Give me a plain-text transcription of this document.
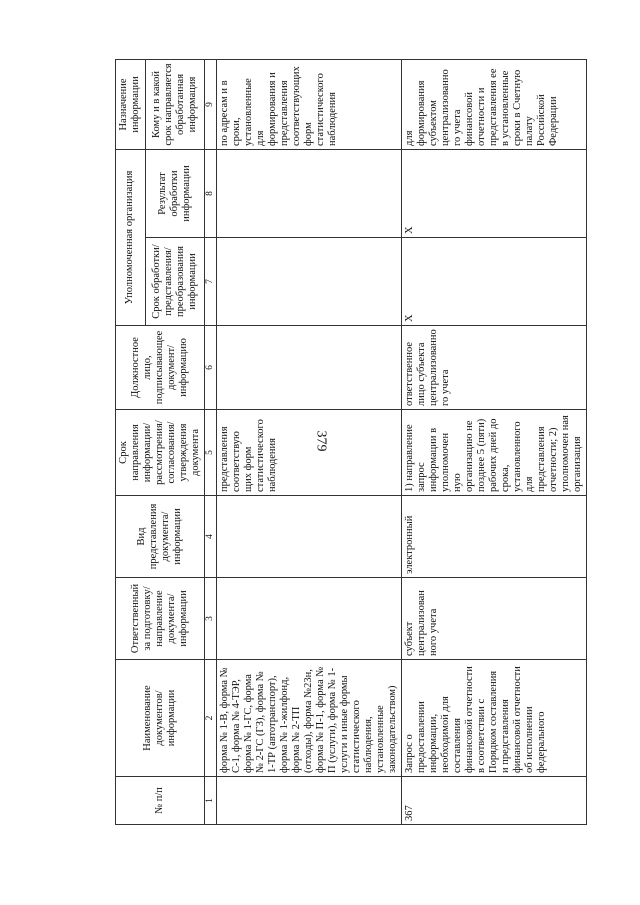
379
№ п/п	Наименование документов/ информации	Ответственный за подготовку/ направление документа/ информации	Вид представления документа/ информации	Срок направления информации/ рассмотрения/ согласования/ утверждения документа	Должностное лицо, подписывающее документ/ информацию	Уполномоченная организация		Назначение информации
						Срок обработки/ представления/ преобразования информации	Результат обработки информации	Кому и в какой срок направляется обработанная информация
1	2	3	4	5	6	7	8	9
	форма № 1-В, форма № С-1, форма № 4-ТЭР, форма № 1-ГС, форма № 2-ГС (ГЗ), форма № 1-ТР (автотранспорт), форма № 1-жилфонд, форма № 2-ТП (отходы), форма №23н, форма № П-1, форма № П (услуги), форма № 1- услуги и иные формы статистического наблюдения, установленные законодательством)			представления соответствую щих форм статистического наблюдения				по адресам и в сроки, установленные для формирования и представления соответствующих форм статистического наблюдения
367	Запрос о предоставлении информации, необходимой для составления финансовой отчетности в соответствии с Порядком составления и представления финансовой отчетности об исполнении федерального	субъект централизован ного учета	электронный	1) направление запрос информации в уполномочен ную организацию не позднее 5 (пяти) рабочих дней до срока, установленного для представления отчетности; 2) уполномочен ная организация	ответственное лицо субъекта централизованно го учета	X	X	для формирования субъектом централизованно го учета финансовой отчетности и представления ее в установленные сроки в Счетную палату Российской Федерации
